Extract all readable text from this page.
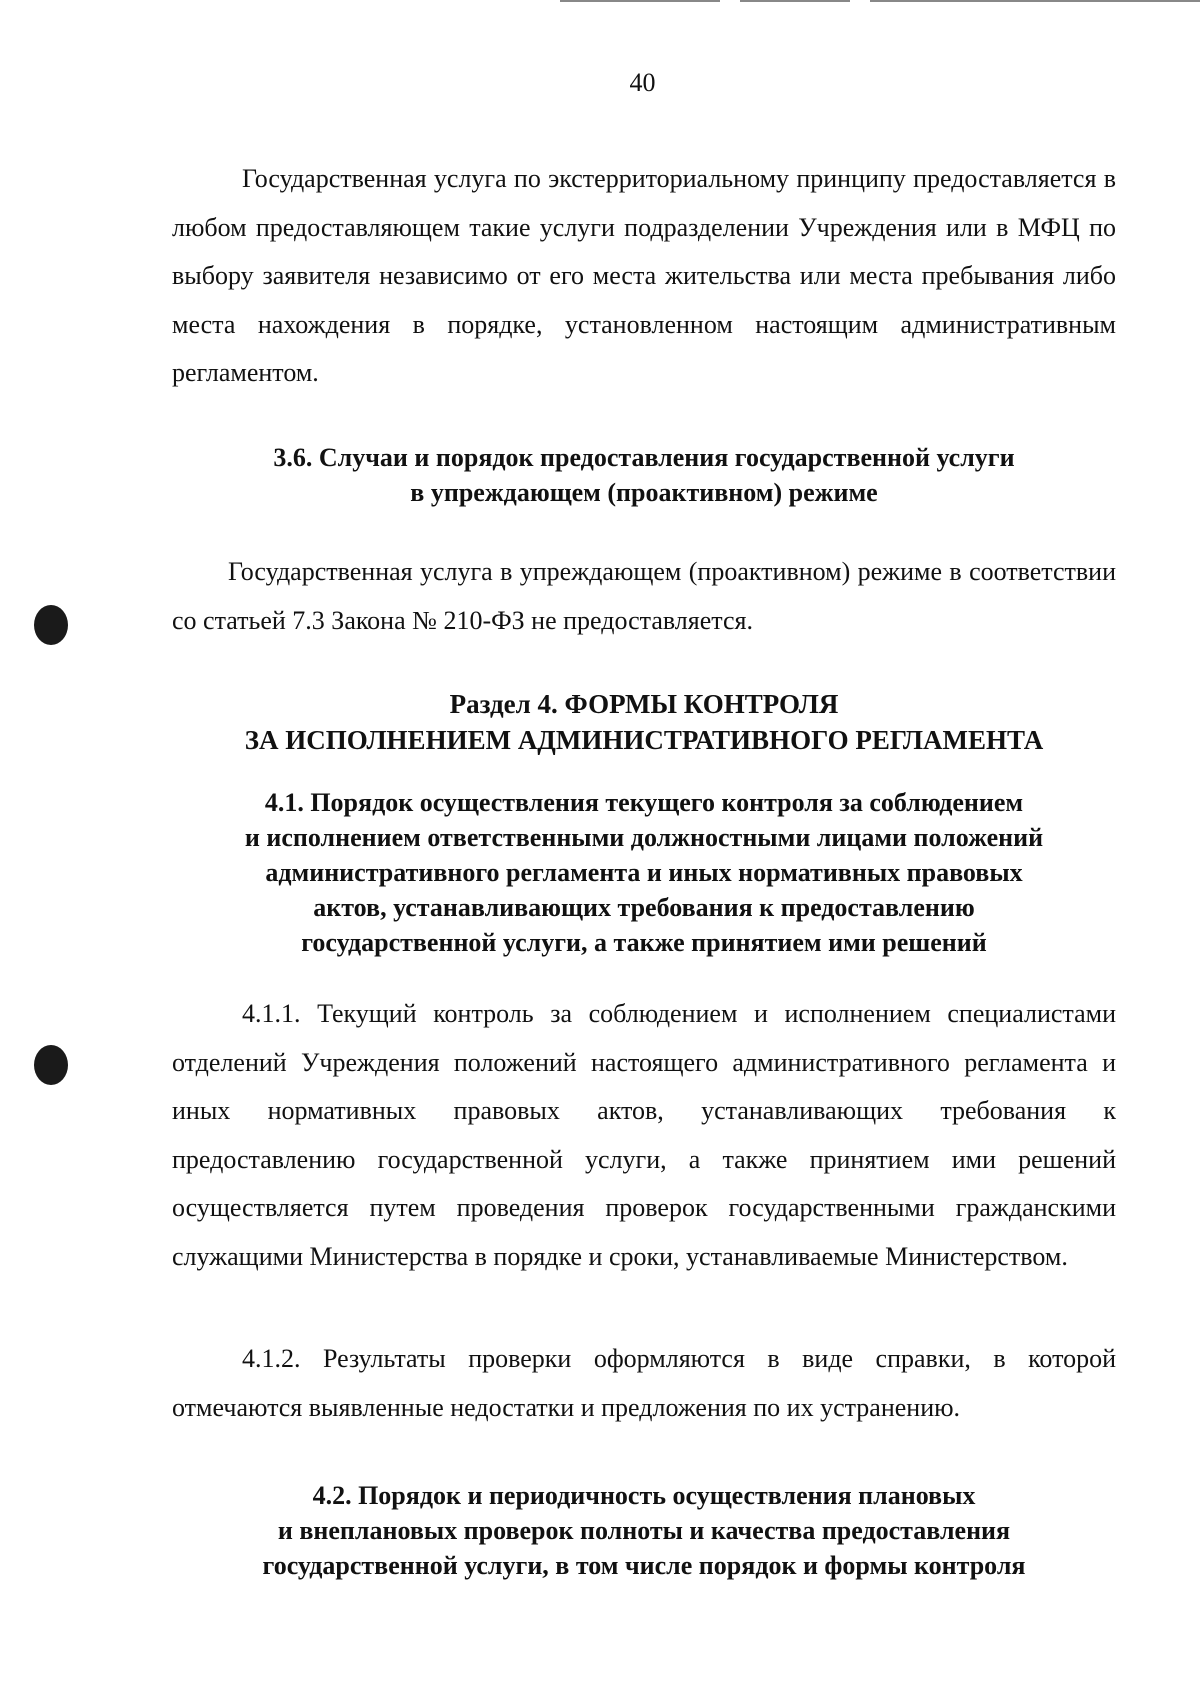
40

Государственная услуга по экстерриториальному принципу предоставляется в любом предоставляющем такие услуги подразделении Учреждения или в МФЦ по выбору заявителя независимо от его места жительства или места пребывания либо места нахождения в порядке, установленном настоящим административным регламентом.

3.6. Случаи и порядок предоставления государственной услуги
в упреждающем (проактивном) режиме

Государственная услуга в упреждающем (проактивном) режиме в соответствии со статьей 7.3 Закона № 210-ФЗ не предоставляется.

Раздел 4. ФОРМЫ КОНТРОЛЯ
ЗА ИСПОЛНЕНИЕМ АДМИНИСТРАТИВНОГО РЕГЛАМЕНТА
4.1. Порядок осуществления текущего контроля за соблюдением
и исполнением ответственными должностными лицами положений
административного регламента и иных нормативных правовых
актов, устанавливающих требования к предоставлению
государственной услуги, а также принятием ими решений

4.1.1. Текущий контроль за соблюдением и исполнением специалистами отделений Учреждения положений настоящего административного регламента и иных нормативных правовых актов, устанавливающих требования к предоставлению государственной услуги, а также принятием ими решений осуществляется путем проведения проверок государственными гражданскими служащими Министерства в порядке и сроки, устанавливаемые Министерством.

4.1.2. Результаты проверки оформляются в виде справки, в которой отмечаются выявленные недостатки и предложения по их устранению.

4.2. Порядок и периодичность осуществления плановых
и внеплановых проверок полноты и качества предоставления
государственной услуги, в том числе порядок и формы контроля
